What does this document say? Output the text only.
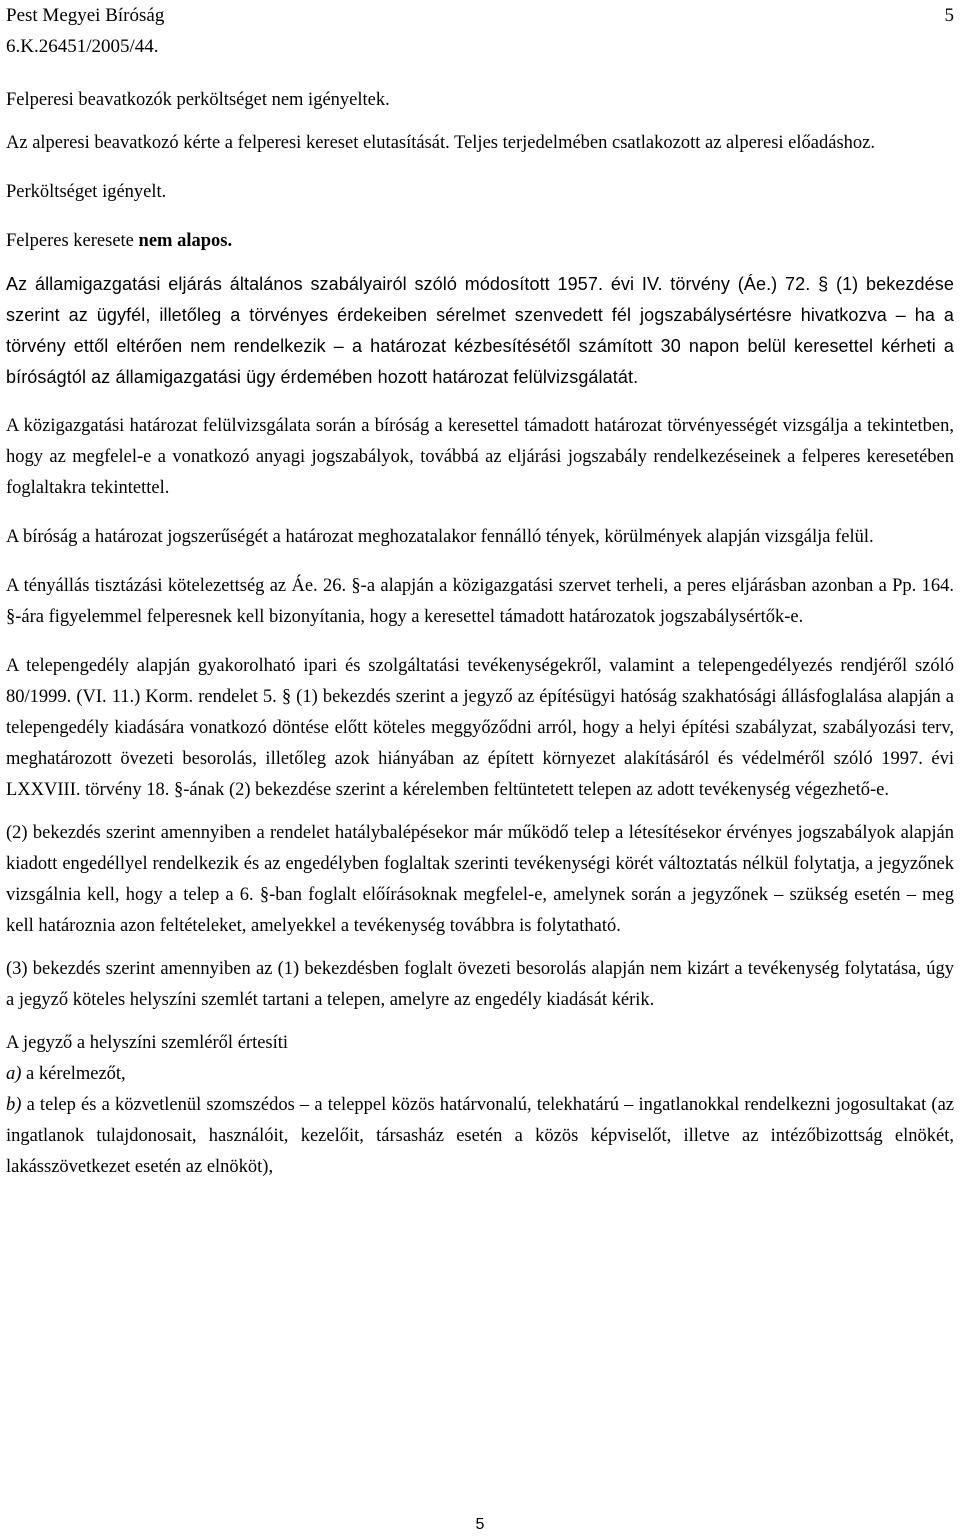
Pest Megyei Bíróság	5
6.K.26451/2005/44.

Felperesi beavatkozók perköltséget nem igényeltek.

Az alperesi beavatkozó kérte a felperesi kereset elutasítását. Teljes terjedelmében csatlakozott az alperesi előadáshoz.

Perköltséget igényelt.

Felperes keresete nem alapos.

Az államigazgatási eljárás általános szabályairól szóló módosított 1957. évi IV. törvény (Áe.) 72. § (1) bekezdése szerint az ügyfél, illetőleg a törvényes érdekeiben sérelmet szenvedett fél jogszabálysértésre hivatkozva – ha a törvény ettől eltérően nem rendelkezik – a határozat kézbesítésétől számított 30 napon belül keresettel kérheti a bíróságtól az államigazgatási ügy érdemében hozott határozat felülvizsgálatát.

A közigazgatási határozat felülvizsgálata során a bíróság a keresettel támadott határozat törvényességét vizsgálja a tekintetben, hogy az megfelel-e a vonatkozó anyagi jogszabályok, továbbá az eljárási jogszabály rendelkezéseinek a felperes keresetében foglaltakra tekintettel.

A bíróság a határozat jogszerűségét a határozat meghozatalakor fennálló tények, körülmények alapján vizsgálja felül.

A tényállás tisztázási kötelezettség az Áe. 26. §-a alapján a közigazgatási szervet terheli, a peres eljárásban azonban a Pp. 164. §-ára figyelemmel felperesnek kell bizonyítania, hogy a keresettel támadott határozatok jogszabálysértők-e.

A telepengedély alapján gyakorolható ipari és szolgáltatási tevékenységekről, valamint a telepengedélyezés rendjéről szóló 80/1999. (VI. 11.) Korm. rendelet 5. § (1) bekezdés szerint a jegyző az építésügyi hatóság szakhatósági állásfoglalása alapján a telepengedély kiadására vonatkozó döntése előtt köteles meggyőződni arról, hogy a helyi építési szabályzat, szabályozási terv, meghatározott övezeti besorolás, illetőleg azok hiányában az épített környezet alakításáról és védelméről szóló 1997. évi LXXVIII. törvény 18. §-ának (2) bekezdése szerint a kérelemben feltüntetett telepen az adott tevékenység végezhető-e.

(2) bekezdés szerint amennyiben a rendelet hatálybalépésekor már működő telep a létesítésekor érvényes jogszabályok alapján kiadott engedéllyel rendelkezik és az engedélyben foglaltak szerinti tevékenységi körét változtatás nélkül folytatja, a jegyzőnek vizsgálnia kell, hogy a telep a 6. §-ban foglalt előírásoknak megfelel-e, amelynek során a jegyzőnek – szükség esetén – meg kell határoznia azon feltételeket, amelyekkel a tevékenység továbbra is folytatható.

(3) bekezdés szerint amennyiben az (1) bekezdésben foglalt övezeti besorolás alapján nem kizárt a tevékenység folytatása, úgy a jegyző köteles helyszíni szemlét tartani a telepen, amelyre az engedély kiadását kérik.

A jegyző a helyszíni szemléről értesíti

a) a kérelmezőt,

b) a telep és a közvetlenül szomszédos – a teleppel közös határvonalú, telekhatárú – ingatlanokkal rendelkezni jogosultakat (az ingatlanok tulajdonosait, használóit, kezelőit, társasház esetén a közös képviselőt, illetve az intézőbizottság elnökét, lakásszövetkezet esetén az elnököt),

5
